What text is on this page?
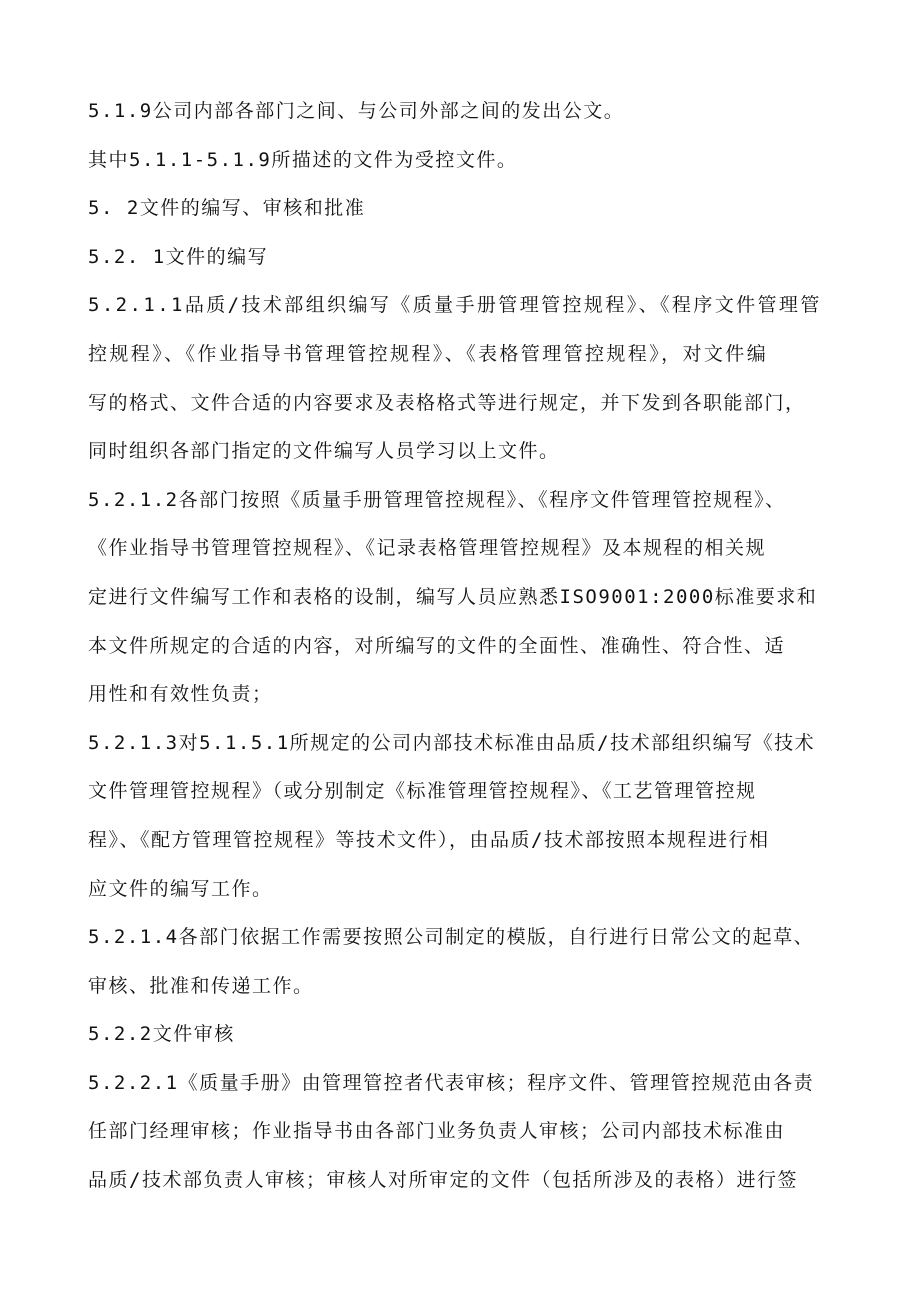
5.1.9公司内部各部门之间、与公司外部之间的发出公文。
其中5.1.1-5.1.9所描述的文件为受控文件。
5. 2文件的编写、审核和批准
5.2. 1文件的编写
5.2.1.1品质/技术部组织编写《质量手册管理管控规程》、《程序文件管理管
控规程》、《作业指导书管理管控规程》、《表格管理管控规程》，对文件编
写的格式、文件合适的内容要求及表格格式等进行规定，并下发到各职能部门，
同时组织各部门指定的文件编写人员学习以上文件。
5.2.1.2各部门按照《质量手册管理管控规程》、《程序文件管理管控规程》、
《作业指导书管理管控规程》、《记录表格管理管控规程》及本规程的相关规
定进行文件编写工作和表格的设制，编写人员应熟悉ISO9001:2000标准要求和
本文件所规定的合适的内容，对所编写的文件的全面性、准确性、符合性、适
用性和有效性负责；
5.2.1.3对5.1.5.1所规定的公司内部技术标准由品质/技术部组织编写《技术
文件管理管控规程》（或分别制定《标准管理管控规程》、《工艺管理管控规
程》、《配方管理管控规程》等技术文件），由品质/技术部按照本规程进行相
应文件的编写工作。
5.2.1.4各部门依据工作需要按照公司制定的模版，自行进行日常公文的起草、
审核、批准和传递工作。
5.2.2文件审核
5.2.2.1《质量手册》由管理管控者代表审核；程序文件、管理管控规范由各责
任部门经理审核；作业指导书由各部门业务负责人审核；公司内部技术标准由
品质/技术部负责人审核；审核人对所审定的文件（包括所涉及的表格）进行签
